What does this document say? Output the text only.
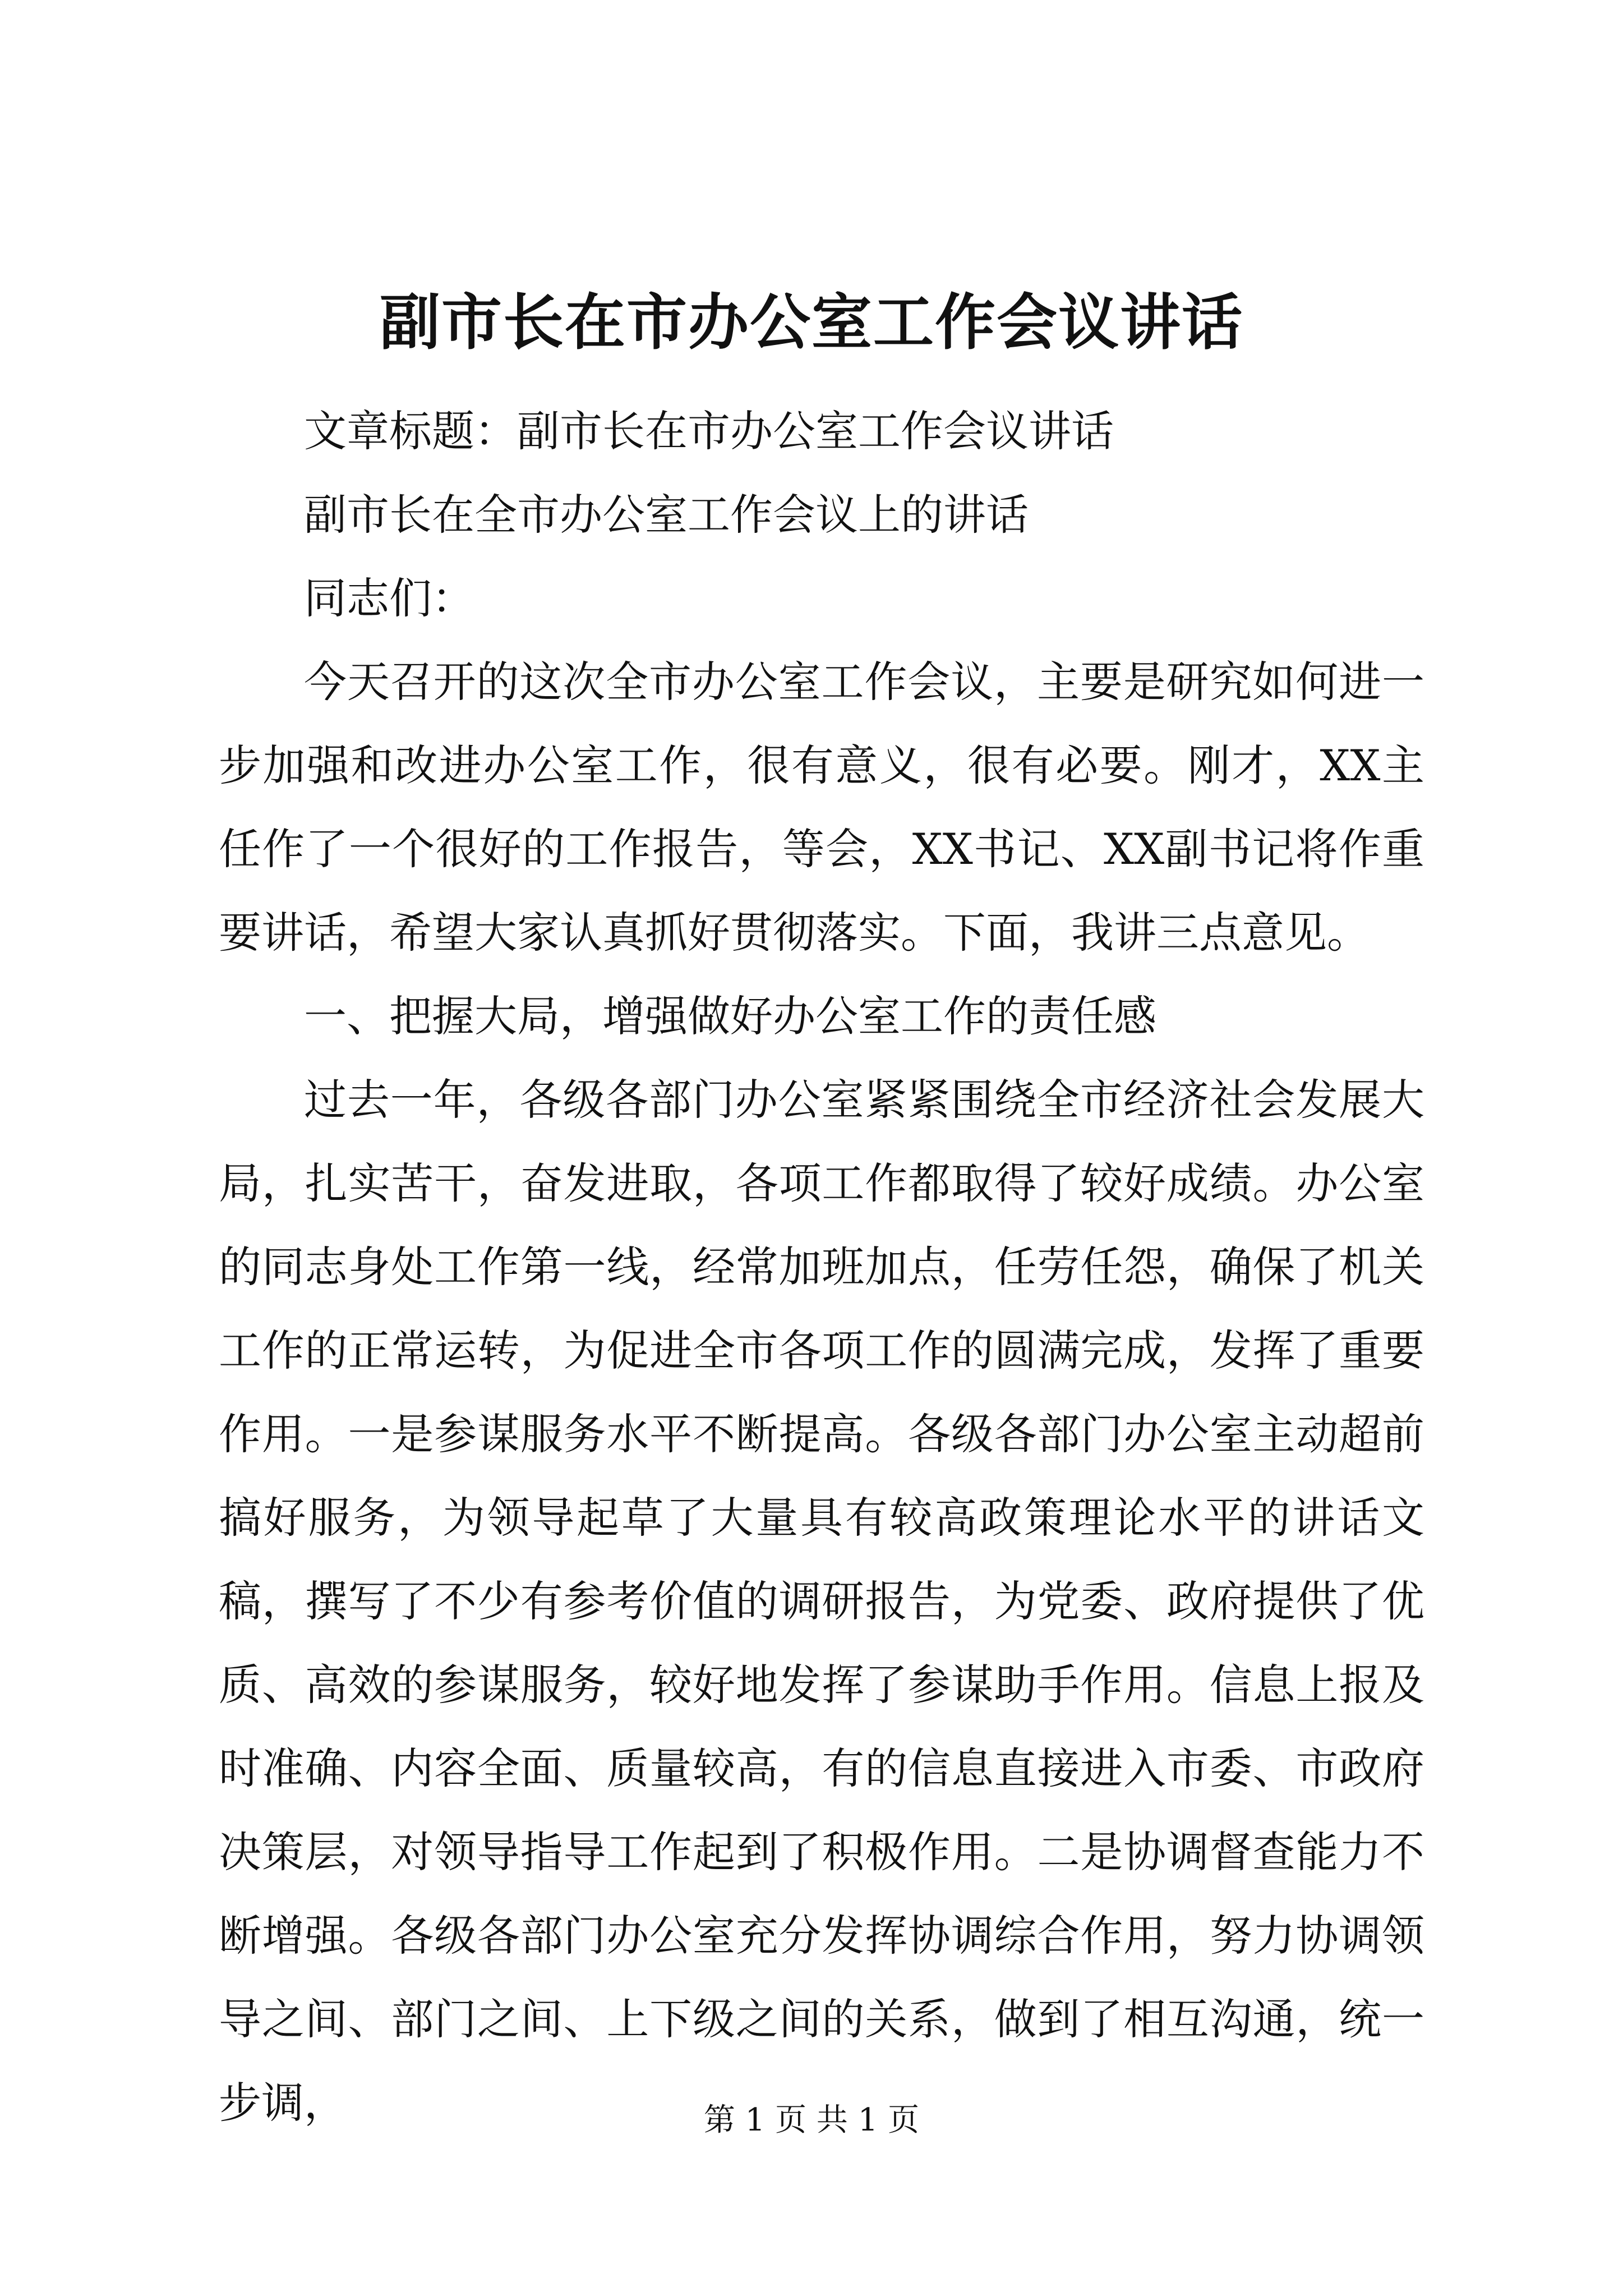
副市长在市办公室工作会议讲话

文章标题：副市长在市办公室工作会议讲话

副市长在全市办公室工作会议上的讲话

同志们：

今天召开的这次全市办公室工作会议，主要是研究如何进一步加强和改进办公室工作，很有意义，很有必要。刚才，XX主任作了一个很好的工作报告，等会，XX书记、XX副书记将作重要讲话，希望大家认真抓好贯彻落实。下面，我讲三点意见。

一、把握大局，增强做好办公室工作的责任感

过去一年，各级各部门办公室紧紧围绕全市经济社会发展大局，扎实苦干，奋发进取，各项工作都取得了较好成绩。办公室的同志身处工作第一线，经常加班加点，任劳任怨，确保了机关工作的正常运转，为促进全市各项工作的圆满完成，发挥了重要作用。一是参谋服务水平不断提高。各级各部门办公室主动超前搞好服务，为领导起草了大量具有较高政策理论水平的讲话文稿，撰写了不少有参考价值的调研报告，为党委、政府提供了优质、高效的参谋服务，较好地发挥了参谋助手作用。信息上报及时准确、内容全面、质量较高，有的信息直接进入市委、市政府决策层，对领导指导工作起到了积极作用。二是协调督查能力不断增强。各级各部门办公室充分发挥协调综合作用，努力协调领导之间、部门之间、上下级之间的关系，做到了相互沟通，统一步调，	第 1 页 共 1 页
